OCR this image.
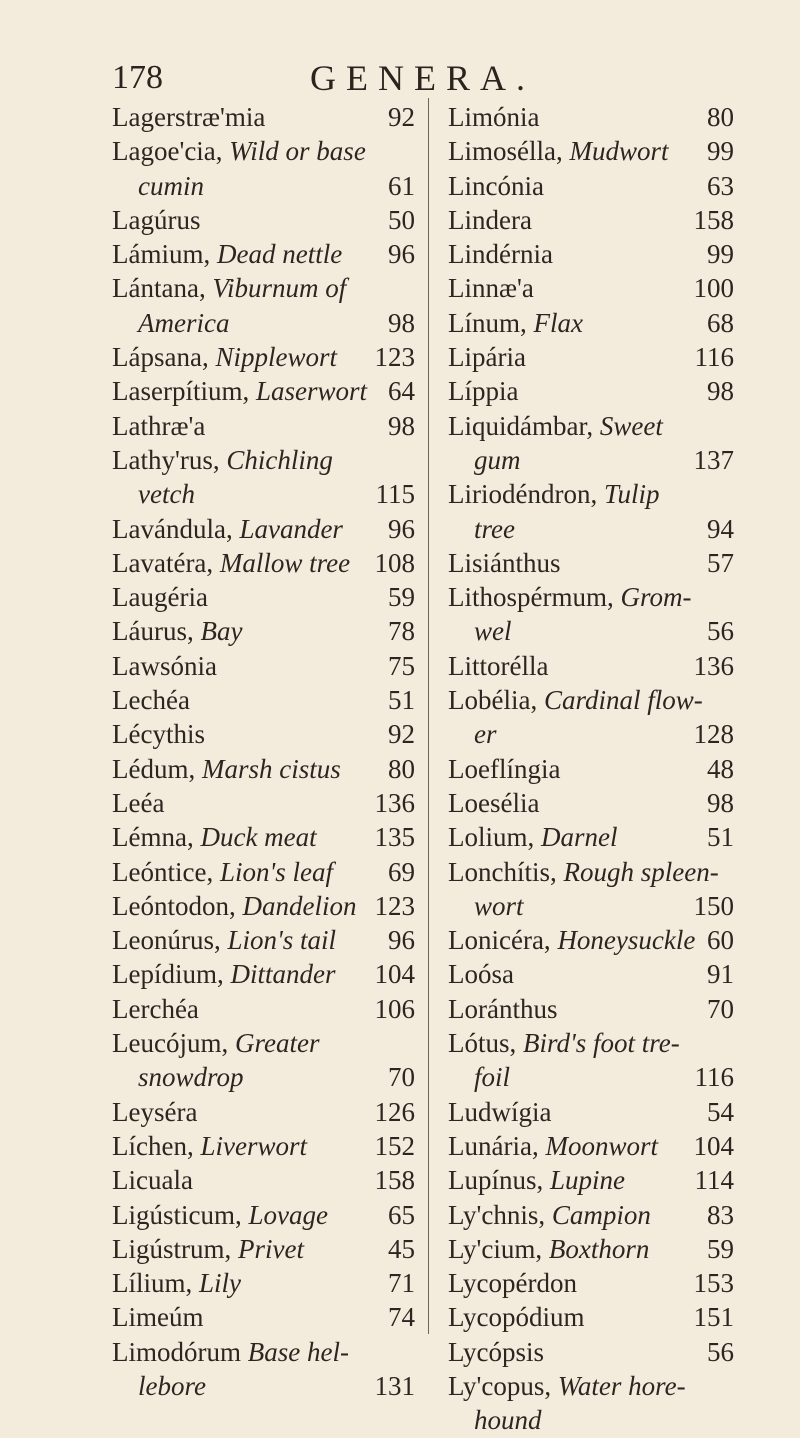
178	GENERA.
Lagerstræ'mia	92
Lagoe'cia, Wild or base
cumin	61
Lagúrus	50
Lámium, Dead nettle 96
Lántana, Viburnum of
America	98
Lápsana, Nipplewort 123
Laserpítium, Laserwort 64
Lathræ'a	98
Lathy'rus, Chichling
vetch	115
Lavándula, Lavander 96
Lavatéra, Mallow tree 108
Laugéria	59
Láurus, Bay	78
Lawsónia	75
Lechéa	51
Lécythis	92
Lédum, Marsh cistus 80
Leéa	136
Lémna, Duck meat 135
Leóntice, Lion's leaf 69
Leóntodon, Dandelion 123
Leonúrus, Lion's tail 96
Lepídium, Dittander 104
Lerchéa	106
Leucójum, Greater
snowdrop	70
Leyséra	126
Líchen, Liverwort	152
Licuala	158
Ligústicum, Lovage 65
Ligústrum, Privet	45
Lílium, Lily	71
Limeúm	74
Limodórum Base hel-
lebore	131
Limónia	80
Limosélla, Mudwort 99
Lincónia	63
Lindera	158
Lindérnia	99
Linnæ'a	100
Línum, Flax	68
Lipária	116
Líppia	98
Liquidámbar, Sweet
gum	137
Liriodéndron, Tulip
tree	94
Lisiánthus	57
Lithospérmum, Grom-
wel	56
Littorélla	136
Lobélia, Cardinal flow-
er	128
Loeflíngia	48
Loesélia	98
Lolium, Darnel	51
Lonchítis, Rough spleen-
wort	150
Lonicéra, Honeysuckle 60
Loósa	91
Loránthus	70
Lótus, Bird's foot tre-
foil	116
Ludwígia	54
Lunária, Moonwort 104
Lupínus, Lupine	114
Ly'chnis, Campion 83
Ly'cium, Boxthorn 59
Lycopérdon	153
Lycopódium	151
Lycópsis	56
Ly'copus, Water hore-
hound
